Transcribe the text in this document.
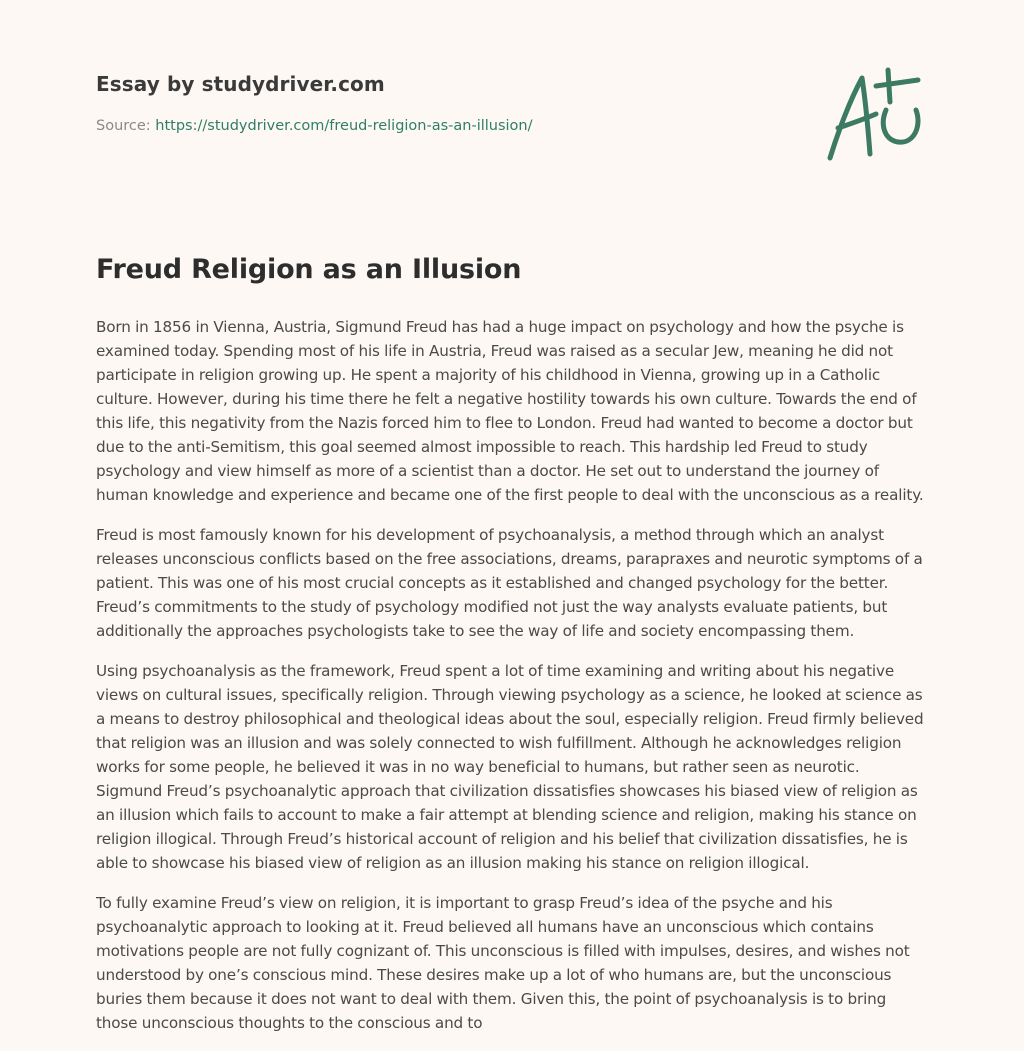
Essay by studydriver.com

Source: https://studydriver.com/freud-religion-as-an-illusion/
Freud Religion as an Illusion

Born in 1856 in Vienna, Austria, Sigmund Freud has had a huge impact on psychology and how the psyche is examined today. Spending most of his life in Austria, Freud was raised as a secular Jew, meaning he did not participate in religion growing up. He spent a majority of his childhood in Vienna, growing up in a Catholic culture. However, during his time there he felt a negative hostility towards his own culture. Towards the end of this life, this negativity from the Nazis forced him to flee to London. Freud had wanted to become a doctor but due to the anti-Semitism, this goal seemed almost impossible to reach. This hardship led Freud to study psychology and view himself as more of a scientist than a doctor. He set out to understand the journey of human knowledge and experience and became one of the first people to deal with the unconscious as a reality.

Freud is most famously known for his development of psychoanalysis, a method through which an analyst releases unconscious conflicts based on the free associations, dreams, parapraxes and neurotic symptoms of a patient. This was one of his most crucial concepts as it established and changed psychology for the better. Freud’s commitments to the study of psychology modified not just the way analysts evaluate patients, but additionally the approaches psychologists take to see the way of life and society encompassing them.

Using psychoanalysis as the framework, Freud spent a lot of time examining and writing about his negative views on cultural issues, specifically religion. Through viewing psychology as a science, he looked at science as a means to destroy philosophical and theological ideas about the soul, especially religion. Freud firmly believed that religion was an illusion and was solely connected to wish fulfillment. Although he acknowledges religion works for some people, he believed it was in no way beneficial to humans, but rather seen as neurotic. Sigmund Freud’s psychoanalytic approach that civilization dissatisfies showcases his biased view of religion as an illusion which fails to account to make a fair attempt at blending science and religion, making his stance on religion illogical. Through Freud’s historical account of religion and his belief that civilization dissatisfies, he is able to showcase his biased view of religion as an illusion making his stance on religion illogical.

To fully examine Freud’s view on religion, it is important to grasp Freud’s idea of the psyche and his psychoanalytic approach to looking at it. Freud believed all humans have an unconscious which contains motivations people are not fully cognizant of. This unconscious is filled with impulses, desires, and wishes not understood by one’s conscious mind. These desires make up a lot of who humans are, but the unconscious buries them because it does not want to deal with them. Given this, the point of psychoanalysis is to bring those unconscious thoughts to the conscious and to
